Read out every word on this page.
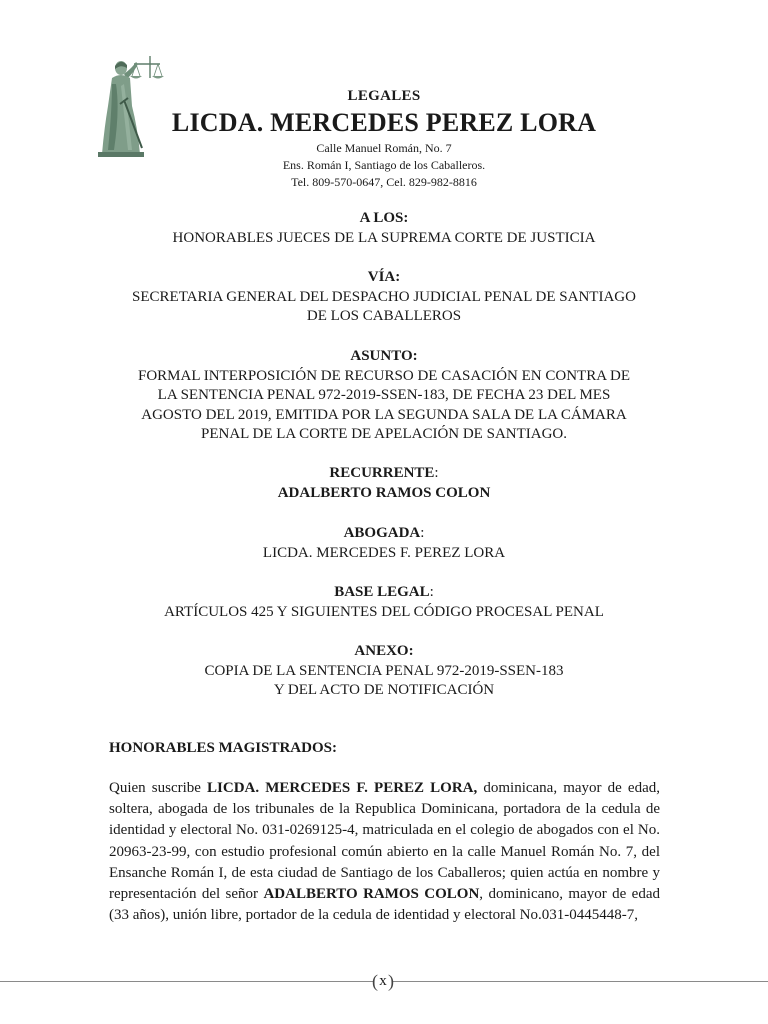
LEGALES
LICDA. MERCEDES PEREZ LORA
Calle Manuel Román, No. 7
Ens. Román I, Santiago de los Caballeros.
Tel. 809-570-0647, Cel. 829-982-8816
A LOS:
HONORABLES JUECES DE LA SUPREMA CORTE DE JUSTICIA
VÍA:
SECRETARIA GENERAL DEL DESPACHO JUDICIAL PENAL DE SANTIAGO
DE LOS CABALLEROS
ASUNTO:
FORMAL INTERPOSICIÓN DE RECURSO DE CASACIÓN EN CONTRA DE
LA SENTENCIA PENAL 972-2019-SSEN-183, DE FECHA 23 DEL MES
AGOSTO DEL 2019, EMITIDA POR LA SEGUNDA SALA DE LA CÁMARA
PENAL DE LA CORTE DE APELACIÓN DE SANTIAGO.
RECURRENTE:
ADALBERTO RAMOS COLON
ABOGADA:
LICDA. MERCEDES F. PEREZ LORA
BASE LEGAL:
ARTÍCULOS 425 Y SIGUIENTES DEL CÓDIGO PROCESAL PENAL
ANEXO:
COPIA DE LA SENTENCIA PENAL 972-2019-SSEN-183
Y DEL ACTO DE NOTIFICACIÓN
HONORABLES MAGISTRADOS:
Quien suscribe LICDA. MERCEDES F. PEREZ LORA, dominicana, mayor de edad, soltera, abogada de los tribunales de la Republica Dominicana, portadora de la cedula de identidad y electoral No. 031-0269125-4, matriculada en el colegio de abogados con el No. 20963-23-99, con estudio profesional común abierto en la calle Manuel Román No. 7, del Ensanche Román I, de esta ciudad de Santiago de los Caballeros; quien actúa en nombre y representación del señor ADALBERTO RAMOS COLON, dominicano, mayor de edad (33 años), unión libre, portador de la cedula de identidad y electoral No.031-0445448-7,
( x )
